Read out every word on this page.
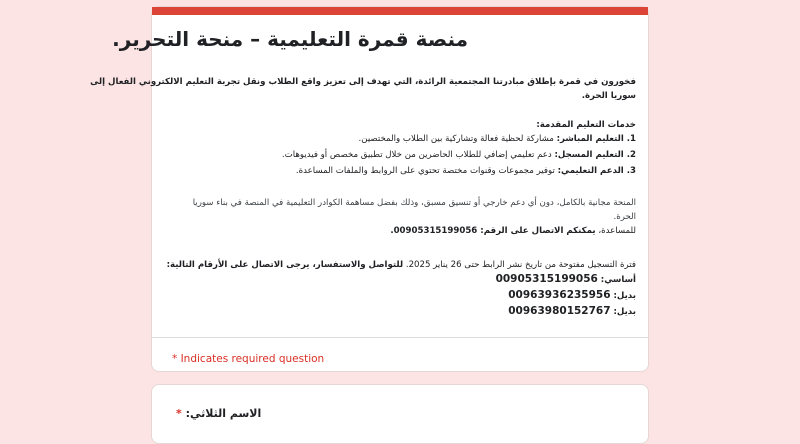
منصة قمرة التعليمية – منحة التحرير.
فخورون في قمرة بإطلاق مبادرتنا المجتمعية الرائدة، التي تهدف إلى تعزيز واقع الطلاب ونقل تجربة التعليم الالكتروني الفعال إلى
سوريا الحرة.
خدمات التعليم المقدمة:
1. التعليم المباشر: مشاركة لحظية فعالة وتشاركية بين الطلاب والمختصين.
2. التعليم المسجل: دعم تعليمي إضافي للطلاب الحاضرين من خلال تطبيق مخصص أو فيديوهات.
3. الدعم التعليمي: توفير مجموعات وقنوات مختصة تحتوي على الروابط والملفات المساعدة.
المنحة مجانية بالكامل، دون أي دعم خارجي أو تنسيق مسبق، وذلك بفضل مساهمة الكوادر التعليمية في المنصة في بناء سوريا
الحرة.
للمساعدة، يمكنكم الاتصال على الرقم: 00905315199056.
فترة التسجيل مفتوحة من تاريخ نشر الرابط حتى 26 يناير 2025. للتواصل والاستفسار، يرجى الاتصال على الأرقام التالية:
أساسي: 00905315199056
بديل: 00963936235956
بديل: 00963980152767
* Indicates required question
الاسم الثلاثي: *
